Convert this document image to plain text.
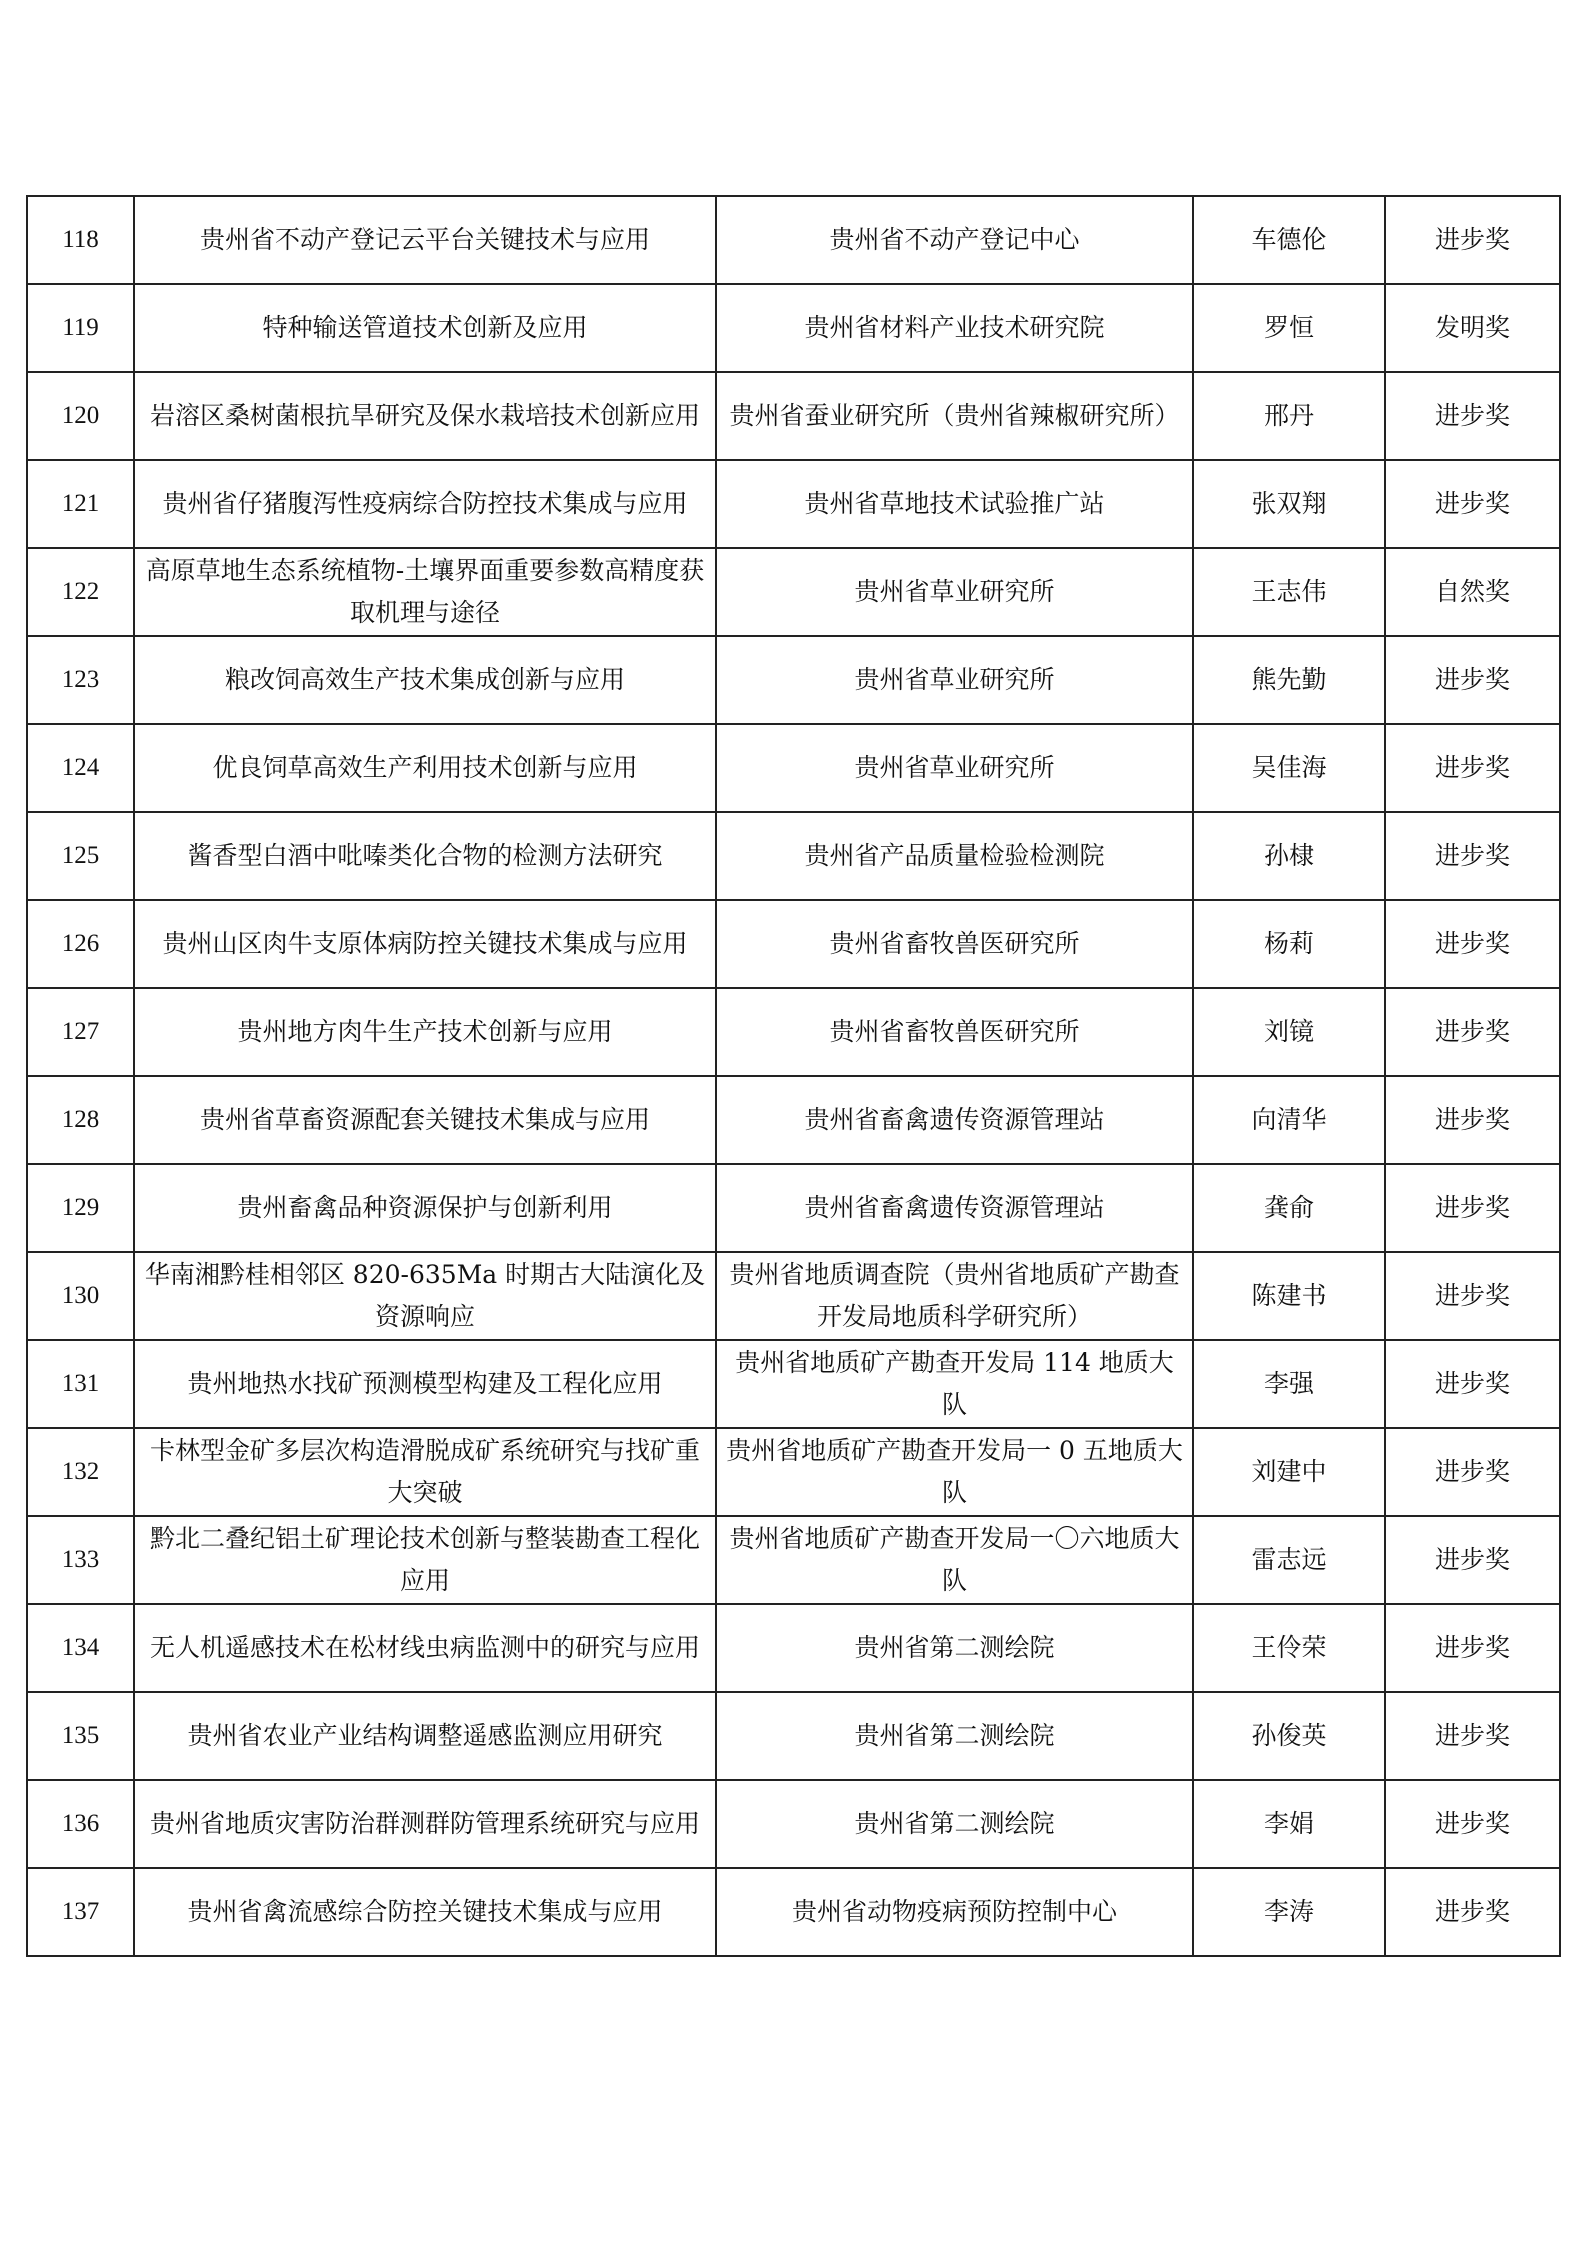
118	贵州省不动产登记云平台关键技术与应用	贵州省不动产登记中心	车德伦	进步奖
119	特种输送管道技术创新及应用	贵州省材料产业技术研究院	罗恒	发明奖
120	岩溶区桑树菌根抗旱研究及保水栽培技术创新应用	贵州省蚕业研究所（贵州省辣椒研究所）	邢丹	进步奖
121	贵州省仔猪腹泻性疫病综合防控技术集成与应用	贵州省草地技术试验推广站	张双翔	进步奖
122	高原草地生态系统植物-土壤界面重要参数高精度获取机理与途径	贵州省草业研究所	王志伟	自然奖
123	粮改饲高效生产技术集成创新与应用	贵州省草业研究所	熊先勤	进步奖
124	优良饲草高效生产利用技术创新与应用	贵州省草业研究所	吴佳海	进步奖
125	酱香型白酒中吡嗪类化合物的检测方法研究	贵州省产品质量检验检测院	孙棣	进步奖
126	贵州山区肉牛支原体病防控关键技术集成与应用	贵州省畜牧兽医研究所	杨莉	进步奖
127	贵州地方肉牛生产技术创新与应用	贵州省畜牧兽医研究所	刘镜	进步奖
128	贵州省草畜资源配套关键技术集成与应用	贵州省畜禽遗传资源管理站	向清华	进步奖
129	贵州畜禽品种资源保护与创新利用	贵州省畜禽遗传资源管理站	龚俞	进步奖
130	华南湘黔桂相邻区 820-635Ma 时期古大陆演化及资源响应	贵州省地质调查院（贵州省地质矿产勘查开发局地质科学研究所）	陈建书	进步奖
131	贵州地热水找矿预测模型构建及工程化应用	贵州省地质矿产勘查开发局 114 地质大队	李强	进步奖
132	卡林型金矿多层次构造滑脱成矿系统研究与找矿重大突破	贵州省地质矿产勘查开发局一 0 五地质大队	刘建中	进步奖
133	黔北二叠纪铝土矿理论技术创新与整装勘查工程化应用	贵州省地质矿产勘查开发局一〇六地质大队	雷志远	进步奖
134	无人机遥感技术在松材线虫病监测中的研究与应用	贵州省第二测绘院	王伶荣	进步奖
135	贵州省农业产业结构调整遥感监测应用研究	贵州省第二测绘院	孙俊英	进步奖
136	贵州省地质灾害防治群测群防管理系统研究与应用	贵州省第二测绘院	李娟	进步奖
137	贵州省禽流感综合防控关键技术集成与应用	贵州省动物疫病预防控制中心	李涛	进步奖
